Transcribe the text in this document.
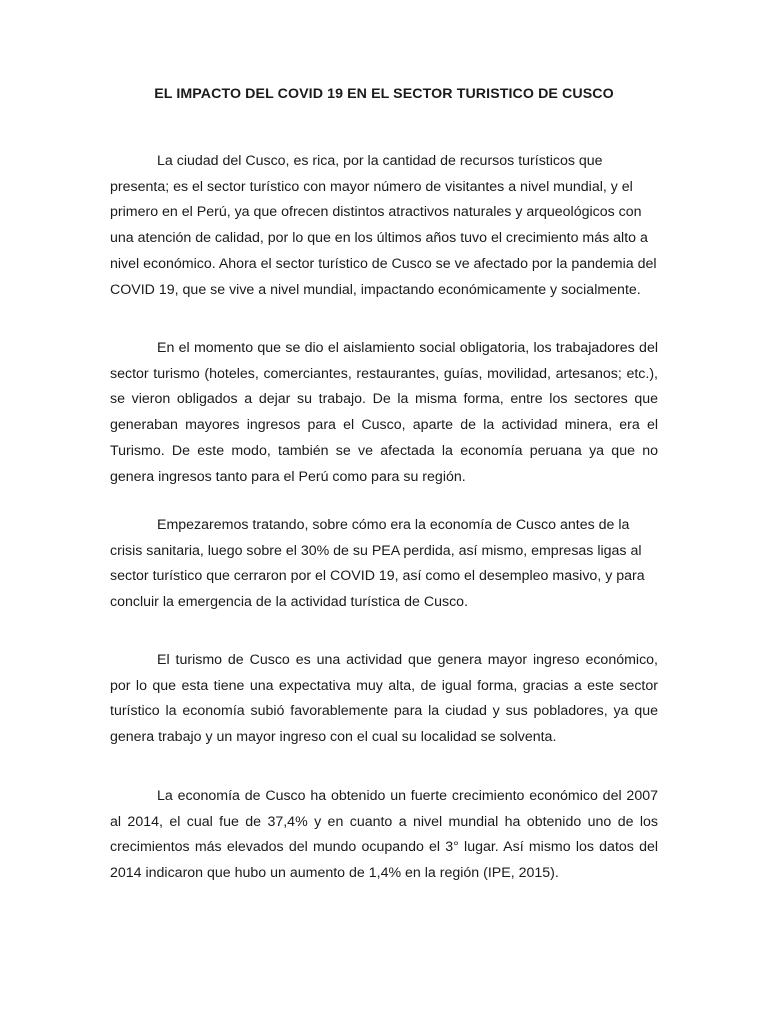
EL IMPACTO DEL COVID 19 EN EL SECTOR TURISTICO DE CUSCO

La ciudad del Cusco, es rica, por la cantidad de recursos turísticos que presenta; es el sector turístico con mayor número de visitantes a nivel mundial, y el primero en el Perú, ya que ofrecen distintos atractivos naturales y arqueológicos con una atención de calidad, por lo que en los últimos años tuvo el crecimiento más alto a nivel económico. Ahora el sector turístico de Cusco se ve afectado por la pandemia del COVID 19, que se vive a nivel mundial, impactando económicamente y socialmente.

En el momento que se dio el aislamiento social obligatoria, los trabajadores del sector turismo (hoteles, comerciantes, restaurantes, guías, movilidad, artesanos; etc.), se vieron obligados a dejar su trabajo. De la misma forma, entre los sectores que generaban mayores ingresos para el Cusco, aparte de la actividad minera, era el Turismo. De este modo, también se ve afectada la economía peruana ya que no genera ingresos tanto para el Perú como para su región.

Empezaremos tratando, sobre cómo era la economía de Cusco antes de la crisis sanitaria, luego sobre el 30% de su PEA perdida, así mismo, empresas ligas al sector turístico que cerraron por el COVID 19, así como el desempleo masivo, y para concluir la emergencia de la actividad turística de Cusco.

El turismo de Cusco es una actividad que genera mayor ingreso económico, por lo que esta tiene una expectativa muy alta, de igual forma, gracias a este sector turístico la economía subió favorablemente para la ciudad y sus pobladores, ya que genera trabajo y un mayor ingreso con el cual su localidad se solventa.

La economía de Cusco ha obtenido un fuerte crecimiento económico del 2007 al 2014, el cual fue de 37,4% y en cuanto a nivel mundial ha obtenido uno de los crecimientos más elevados del mundo ocupando el 3° lugar. Así mismo los datos del 2014 indicaron que hubo un aumento de 1,4% en la región (IPE, 2015).
